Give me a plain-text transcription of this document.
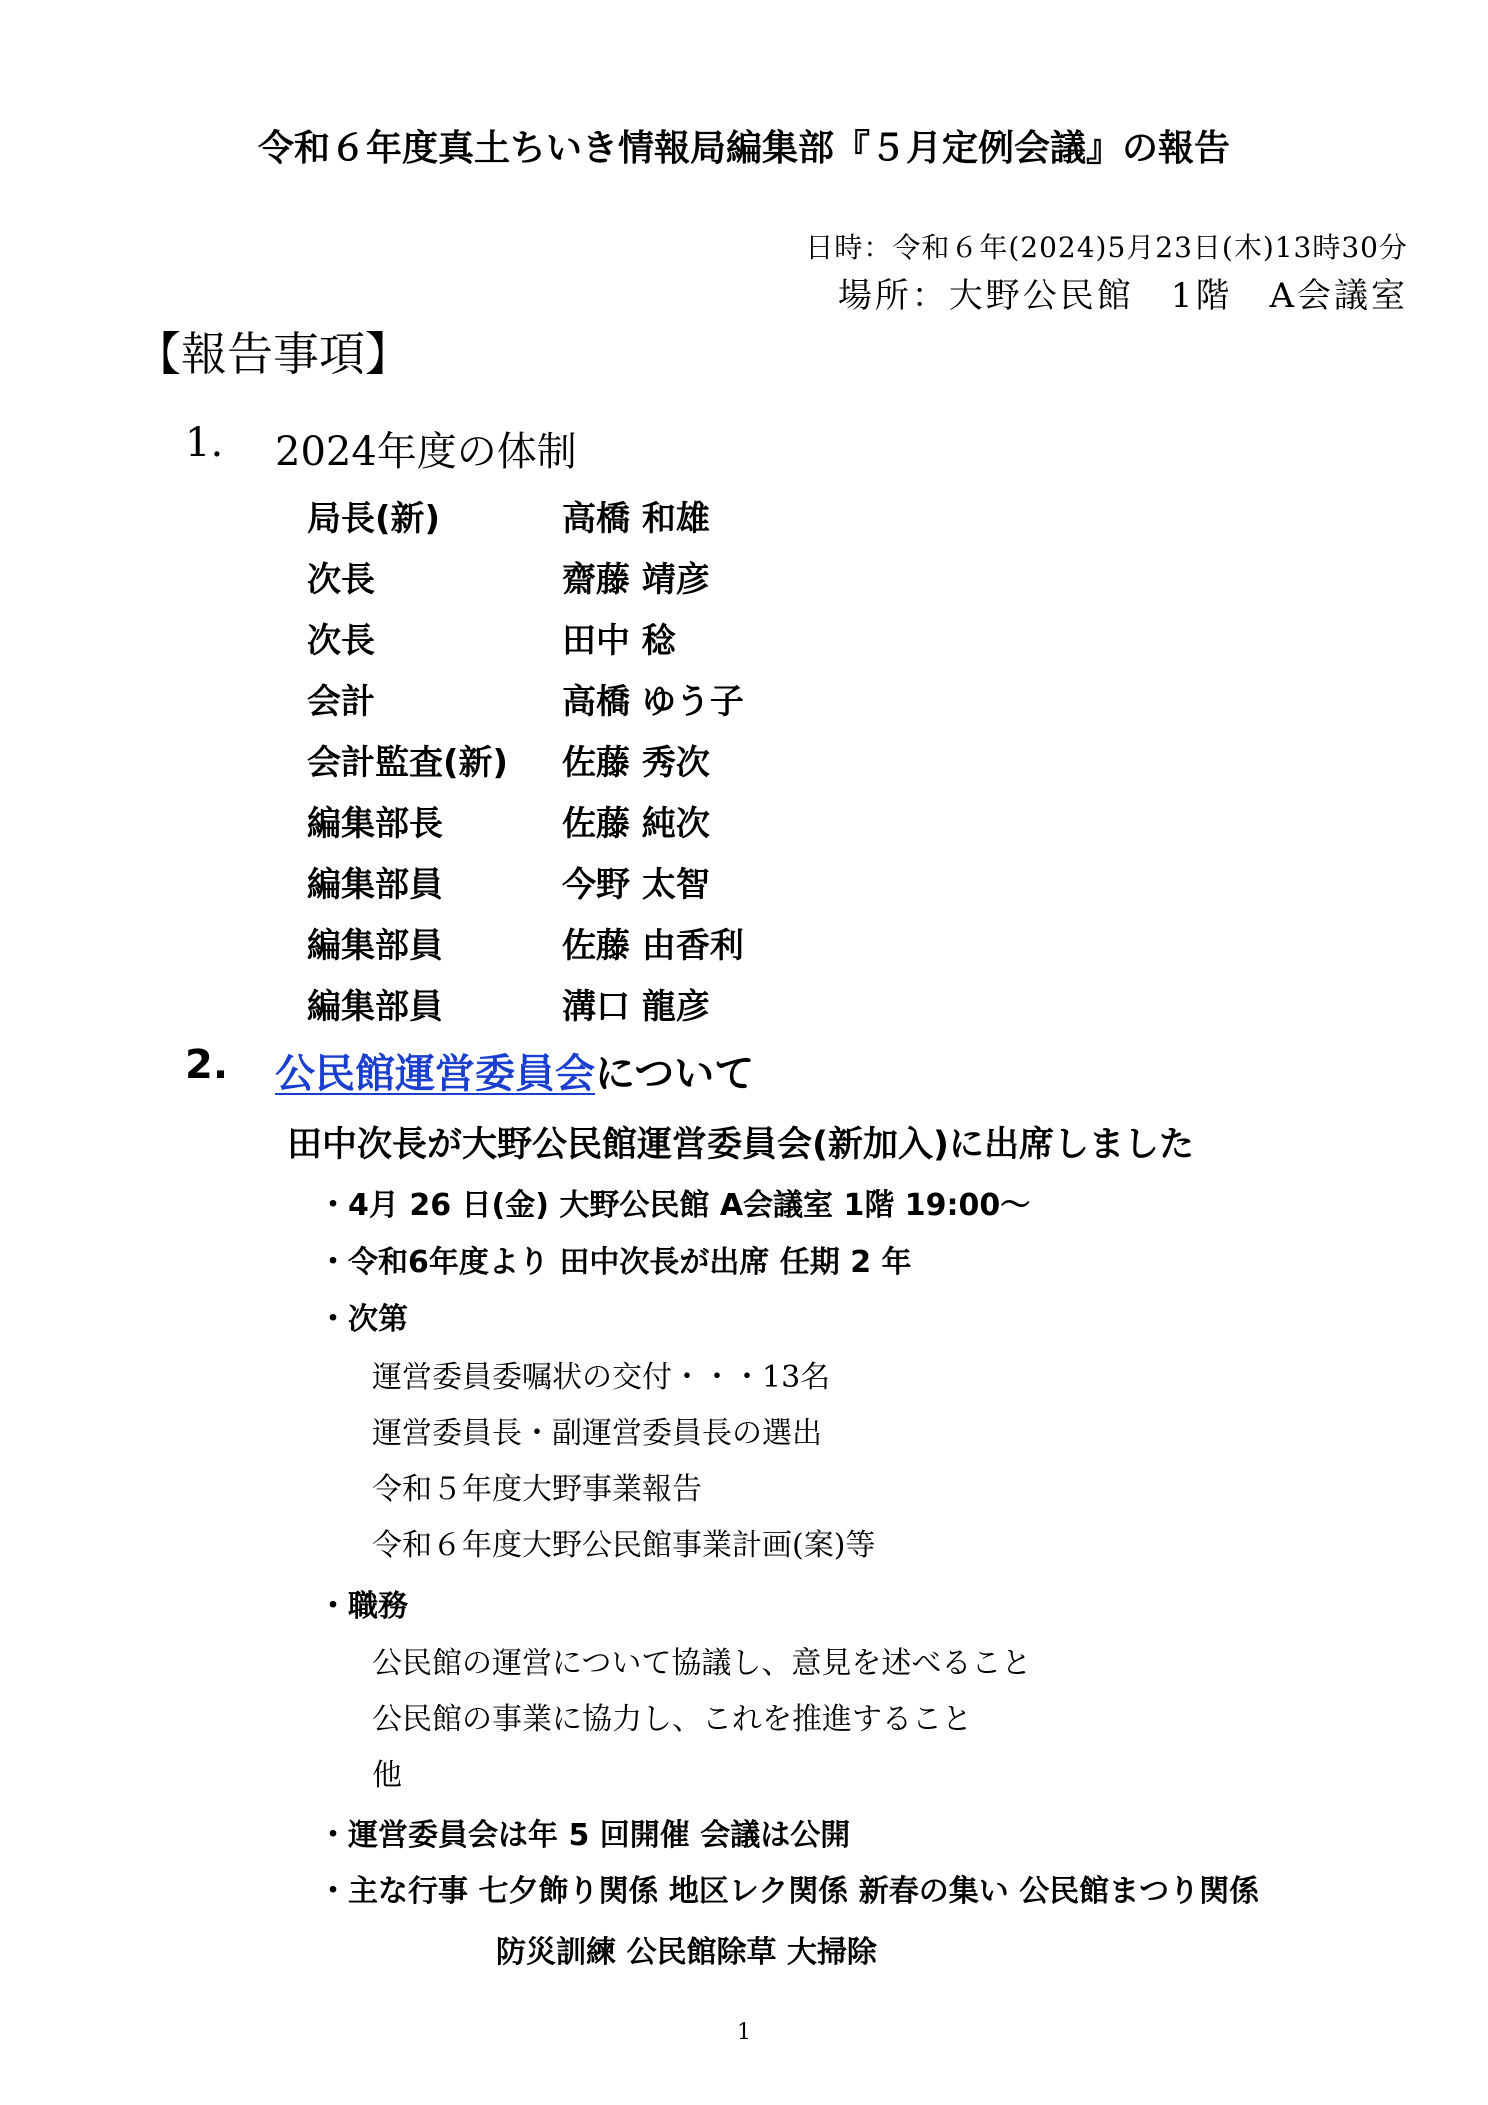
令和６年度真土ちいき情報局編集部『５月定例会議』の報告
日時：令和６年(2024)5月23日(木)13時30分
場所：大野公民館　1階　A会議室
【報告事項】
1. 2024年度の体制
局長(新)	高橋 和雄
次長	齋藤 靖彦
次長	田中 稔
会計	高橋 ゆう子
会計監査(新) 佐藤 秀次
編集部長	佐藤 純次
編集部員	今野 太智
編集部員	佐藤 由香利
編集部員	溝口 龍彦
2. 公民館運営委員会について
田中次長が大野公民館運営委員会(新加入)に出席しました
・4月 26 日(金) 大野公民館 A会議室 1階 19:00～
・令和6年度より 田中次長が出席 任期 2 年
・次第
運営委員委嘱状の交付・・・13名
運営委員長・副運営委員長の選出
令和５年度大野事業報告
令和６年度大野公民館事業計画(案)等
・職務
公民館の運営について協議し、意見を述べること
公民館の事業に協力し、これを推進すること
他
・運営委員会は年 5 回開催 会議は公開
・主な行事 七夕飾り関係 地区レク関係 新春の集い 公民館まつり関係
防災訓練 公民館除草 大掃除
1
